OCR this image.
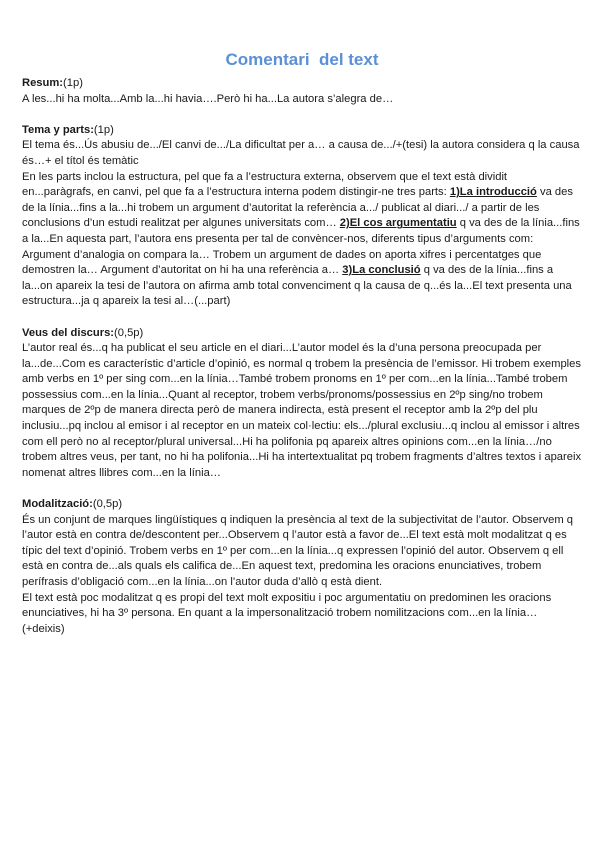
Comentari  del text

Resum:(1p)

A les...hi ha molta...Amb la...hi havia….Però hi ha...La autora s’alegra de…

Tema y parts:(1p)

El tema és...Ús abusiu de.../El canvi de.../La dificultat per a… a causa de.../+(tesi) la autora considera q la causa és…+ el títol és temàtic

En les parts inclou la estructura, pel que fa a l’estructura externa, observem que el text està dividit en...paràgrafs, en canvi, pel que fa a l’estructura interna podem distingir-ne tres parts: 1)La introducció va des de la línia...fins a la...hi trobem un argument d’autoritat la referència a.../ publicat al diari.../ a partir de les conclusions d’un estudi realitzat per algunes universitats com… 2)El cos argumentatiu q va des de la línia...fins a la...En aquesta part, l’autora ens presenta per tal de convèncer-nos, diferents tipus d’arguments com: Argument d’analogia on compara la… Trobem un argument de dades on aporta xifres i percentatges que demostren la… Argument d’autoritat on hi ha una referència a… 3)La conclusió q va des de la línia...fins a la...on apareix la tesi de l’autora on afirma amb total convenciment q la causa de q...és la...El text presenta una estructura...ja q apareix la tesi al…(...part)

Veus del discurs:(0,5p)

L’autor real és...q ha publicat el seu article en el diari...L’autor model és la d’una persona preocupada per la...de...Com es característic d’article d’opinió, es normal q trobem la presència de l’emissor. Hi trobem exemples amb verbs en 1º per sing com...en la línia…També trobem pronoms en 1º per com...en la línia...També trobem possessius com...en la línia...Quant al receptor, trobem verbs/pronoms/possessius en 2ºp sing/no trobem marques de 2ºp de manera directa però de manera indirecta, està present el receptor amb la 2ºp del plu inclusiu...pq inclou al emisor i al receptor en un mateix col·lectiu: els.../plural exclusiu...q inclou al emissor i altres com ell però no al receptor/plural universal...Hi ha polifonia pq apareix altres opinions com...en la línia…/no trobem altres veus, per tant, no hi ha polifonia...Hi ha intertextualitat pq trobem fragments d’altres textos i apareix nomenat altres llibres com...en la línia…

Modalització:(0,5p)

És un conjunt de marques lingüístiques q indiquen la presència al text de la subjectivitat de l’autor. Observem q l’autor està en contra de/descontent per...Observem q l’autor està a favor de...El text està molt modalitzat q es típic del text d’opinió. Trobem verbs en 1º per com...en la línia...q expressen l’opinió del autor. Observem q ell està en contra de...als quals els califica de...En aquest text, predomina les oracions enunciatives, trobem perífrasis d’obligació com...en la línia...on l’autor duda d’allò q està dient.

El text està poc modalitzat q es propi del text molt expositiu i poc argumentatiu on predominen les oracions enunciatives, hi ha 3º persona. En quant a la impersonalització trobem nomilitzacions com...en la línia…

(+deixis)
